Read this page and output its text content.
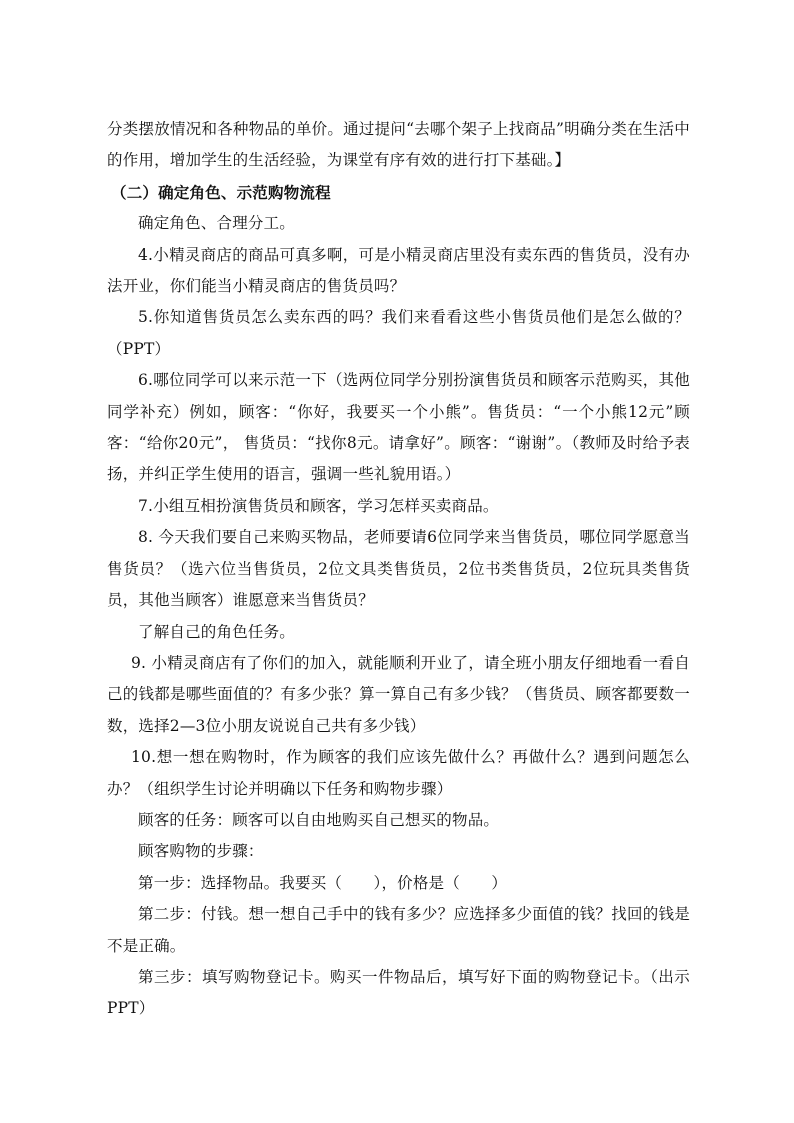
分类摆放情况和各种物品的单价。通过提问“去哪个架子上找商品”明确分类在生活中的作用，增加学生的生活经验，为课堂有序有效的进行打下基础。】

（二）确定角色、示范购物流程

确定角色、合理分工。

4.小精灵商店的商品可真多啊，可是小精灵商店里没有卖东西的售货员，没有办法开业，你们能当小精灵商店的售货员吗？

5.你知道售货员怎么卖东西的吗？我们来看看这些小售货员他们是怎么做的？（PPT）

6.哪位同学可以来示范一下（选两位同学分别扮演售货员和顾客示范购买，其他同学补充）例如，顾客：“你好，我要买一个小熊”。售货员：“一个小熊12元”顾客：“给你20元”， 售货员：“找你8元。请拿好”。顾客：“谢谢”。（教师及时给予表扬，并纠正学生使用的语言，强调一些礼貌用语。）

7.小组互相扮演售货员和顾客，学习怎样买卖商品。

8. 今天我们要自己来购买物品，老师要请6位同学来当售货员，哪位同学愿意当售货员？（选六位当售货员，2位文具类售货员，2位书类售货员，2位玩具类售货员，其他当顾客）谁愿意来当售货员？

了解自己的角色任务。

9. 小精灵商店有了你们的加入，就能顺利开业了，请全班小朋友仔细地看一看自己的钱都是哪些面值的？有多少张？算一算自己有多少钱？（售货员、顾客都要数一数，选择2—3位小朋友说说自己共有多少钱）

10.想一想在购物时，作为顾客的我们应该先做什么？再做什么？遇到问题怎么办？（组织学生讨论并明确以下任务和购物步骤）

顾客的任务：顾客可以自由地购买自己想买的物品。

顾客购物的步骤：

第一步：选择物品。我要买（　　），价格是（　　）

第二步：付钱。想一想自己手中的钱有多少？应选择多少面值的钱？找回的钱是不是正确。

第三步：填写购物登记卡。购买一件物品后，填写好下面的购物登记卡。（出示PPT）
